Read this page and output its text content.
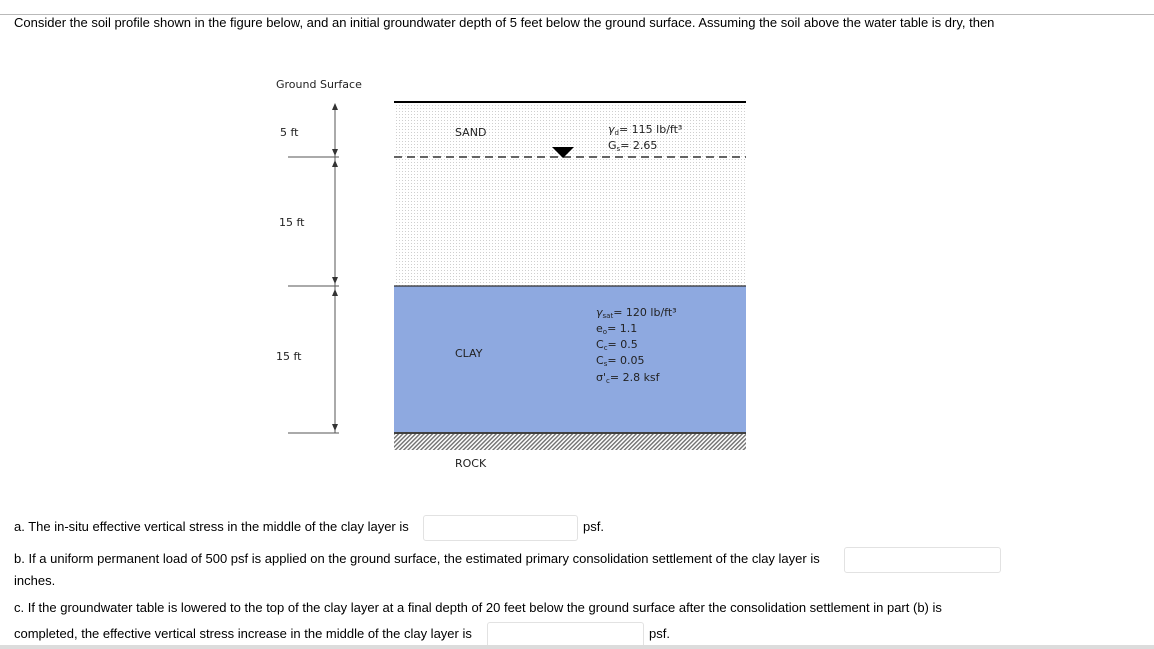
Consider the soil profile shown in the figure below, and an initial groundwater depth of 5 feet below the ground surface. Assuming the soil above the water table is dry, then
Ground Surface
5 ft
15 ft
15 ft
SAND
CLAY
ROCK
γd= 115 lb/ft³
Gs= 2.65
γsat= 120 lb/ft³
eo= 1.1
Cc= 0.5
Cs= 0.05
σ'c= 2.8 ksf
a. The in-situ effective vertical stress in the middle of the clay layer is	psf.
b. If a uniform permanent load of 500 psf is applied on the ground surface, the estimated primary consolidation settlement of the clay layer is
inches.
c. If the groundwater table is lowered to the top of the clay layer at a final depth of 20 feet below the ground surface after the consolidation settlement in part (b) is
completed, the effective vertical stress increase in the middle of the clay layer is	psf.
